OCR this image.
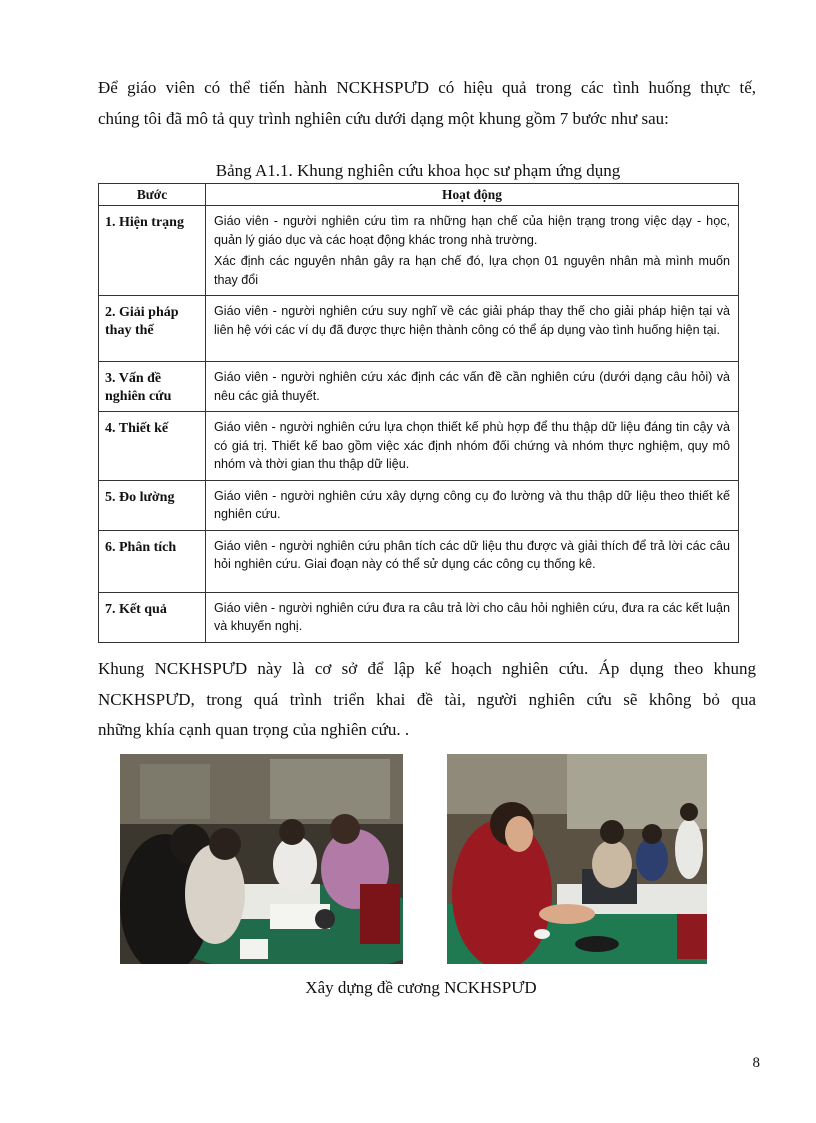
Để giáo viên có thể tiến hành NCKHSPƯD có hiệu quả trong các tình huống thực tế,
chúng tôi đã mô tả quy trình nghiên cứu dưới dạng một khung gồm 7 bước như sau:
Bảng A1.1. Khung nghiên cứu khoa học sư phạm ứng dụng
Bước	Hoạt động
1. Hiện trạng	Giáo viên - người nghiên cứu tìm ra những hạn chế của hiện trạng trong việc dạy - học, quản lý giáo dục và các hoạt động khác trong nhà trường.

Xác định các nguyên nhân gây ra hạn chế đó, lựa chọn 01 nguyên nhân mà mình muốn thay đổi

2. Giải pháp thay thế	Giáo viên - người nghiên cứu suy nghĩ về các giải pháp thay thế cho giải pháp hiện tại và liên hệ với các ví dụ đã được thực hiện thành công có thể áp dụng vào tình huống hiện tại.

3. Vấn đề nghiên cứu	Giáo viên - người nghiên cứu xác định các vấn đề cần nghiên cứu (dưới dạng câu hỏi) và nêu các giả thuyết.

4. Thiết kế	Giáo viên - người nghiên cứu lựa chọn thiết kế phù hợp để thu thập dữ liệu đáng tin cậy và có giá trị. Thiết kế bao gồm việc xác định nhóm đối chứng và nhóm thực nghiệm, quy mô nhóm và thời gian thu thập dữ liệu.

5. Đo lường	Giáo viên - người nghiên cứu xây dựng công cụ đo lường và thu thập dữ liệu theo thiết kế nghiên cứu.

6. Phân tích	Giáo viên - người nghiên cứu phân tích các dữ liệu thu được và giải thích để trả lời các câu hỏi nghiên cứu. Giai đoạn này có thể sử dụng các công cụ thống kê.

7. Kết quả	Giáo viên - người nghiên cứu đưa ra câu trả lời cho câu hỏi nghiên cứu, đưa ra các kết luận và khuyến nghị.

Khung NCKHSPƯD này là cơ sở để lập kế hoạch nghiên cứu. Áp dụng theo khung
NCKHSPƯD, trong quá trình triển khai đề tài, người nghiên cứu sẽ không bỏ qua
những khía cạnh quan trọng của nghiên cứu. .
Xây dựng đề cương NCKHSPƯD
8
